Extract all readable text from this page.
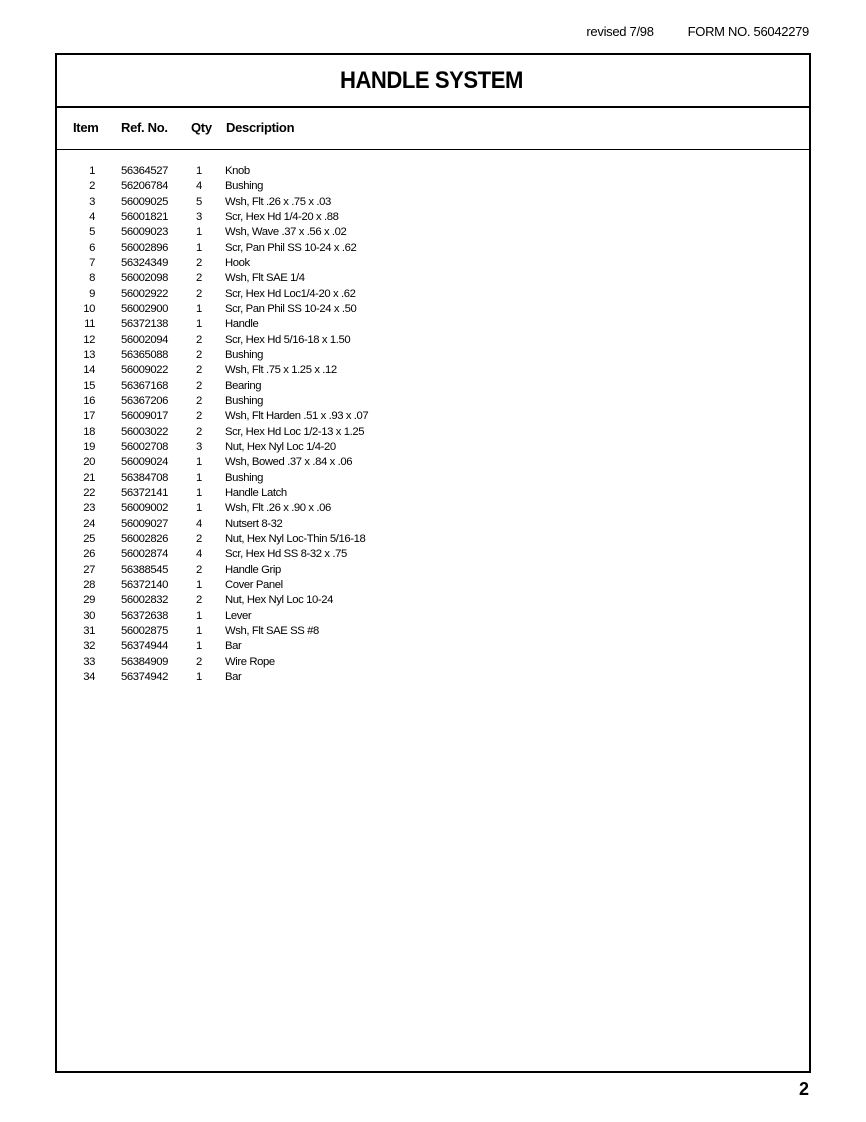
revised 7/98	FORM NO. 56042279
HANDLE SYSTEM
Item Ref. No. Qty Description
1 56364527 1 Knob
2 56206784 4 Bushing
3 56009025 5 Wsh, Flt .26 x .75 x .03
4 56001821 3 Scr, Hex Hd 1/4-20 x .88
5 56009023 1 Wsh, Wave .37 x .56 x .02
6 56002896 1 Scr, Pan Phil SS 10-24 x .62
7 56324349 2 Hook
8 56002098 2 Wsh, Flt SAE 1/4
9 56002922 2 Scr, Hex Hd Loc1/4-20 x .62
10 56002900 1 Scr, Pan Phil SS 10-24 x .50
11 56372138 1 Handle
12 56002094 2 Scr, Hex Hd 5/16-18 x 1.50
13 56365088 2 Bushing
14 56009022 2 Wsh, Flt .75 x 1.25 x .12
15 56367168 2 Bearing
16 56367206 2 Bushing
17 56009017 2 Wsh, Flt Harden .51 x .93 x .07
18 56003022 2 Scr, Hex Hd Loc 1/2-13 x 1.25
19 56002708 3 Nut, Hex Nyl Loc 1/4-20
20 56009024 1 Wsh, Bowed .37 x .84 x .06
21 56384708 1 Bushing
22 56372141 1 Handle Latch
23 56009002 1 Wsh, Flt .26 x .90 x .06
24 56009027 4 Nutsert 8-32
25 56002826 2 Nut, Hex Nyl Loc-Thin 5/16-18
26 56002874 4 Scr, Hex Hd SS 8-32 x .75
27 56388545 2 Handle Grip
28 56372140 1 Cover Panel
29 56002832 2 Nut, Hex Nyl Loc 10-24
30 56372638 1 Lever
31 56002875 1 Wsh, Flt SAE SS #8
32 56374944 1 Bar
33 56384909 2 Wire Rope
34 56374942 1 Bar
2
